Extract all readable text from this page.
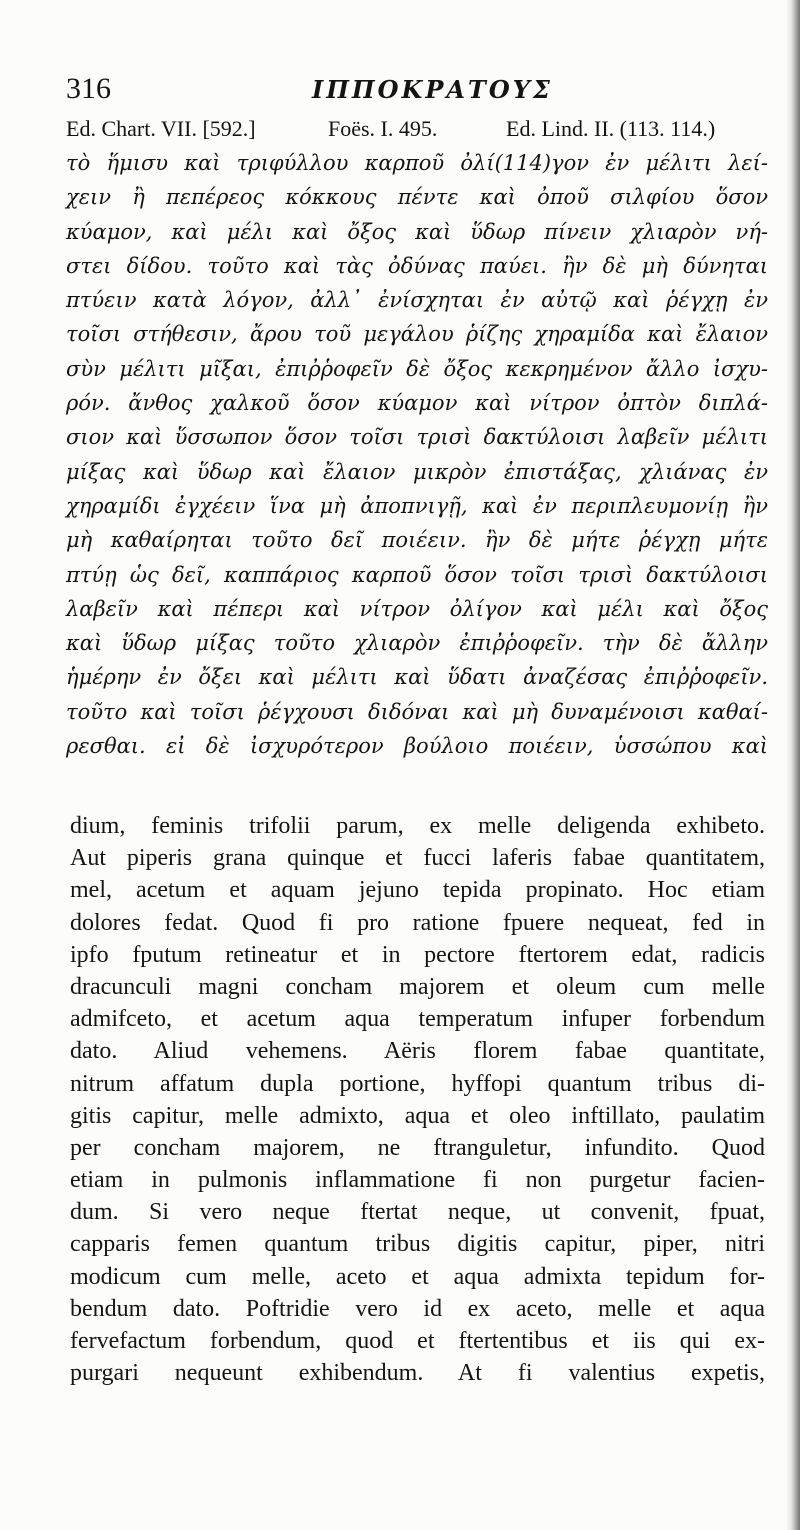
316	ΙΠΠΟΚΡΑΤΟΥΣ
Ed. Chart. VII. [592.]	Foës. I. 495.	Ed. Lind. II. (113. 114.)
τὸ ἥμισυ καὶ τριφύλλου καρποῦ ὀλί(114)γον ἐν μέλιτι λεί-
χειν ἢ πεπέρεος κόκκους πέντε καὶ ὀποῦ σιλφίου ὅσον
κύαμον, καὶ μέλι καὶ ὄξος καὶ ὕδωρ πίνειν χλιαρὸν νή-
στει δίδου. τοῦτο καὶ τὰς ὀδύνας παύει. ἢν δὲ μὴ δύνηται
πτύειν κατὰ λόγον, ἀλλ᾽ ἐνίσχηται ἐν αὐτῷ καὶ ῥέγχῃ ἐν
τοῖσι στήθεσιν, ἄρου τοῦ μεγάλου ῥίζης χηραμίδα καὶ ἔλαιον
σὺν μέλιτι μῖξαι, ἐπιῤῥοφεῖν δὲ ὄξος κεκρημένον ἄλλο ἰσχυ-
ρόν. ἄνθος χαλκοῦ ὅσον κύαμον καὶ νίτρον ὀπτὸν διπλά-
σιον καὶ ὕσσωπον ὅσον τοῖσι τρισὶ δακτύλοισι λαβεῖν μέλιτι
μίξας καὶ ὕδωρ καὶ ἔλαιον μικρὸν ἐπιστάξας, χλιάνας ἐν
χηραμίδι ἐγχέειν ἵνα μὴ ἀποπνιγῇ, καὶ ἐν περιπλευμονίῃ ἢν
μὴ καθαίρηται τοῦτο δεῖ ποιέειν. ἢν δὲ μήτε ῥέγχῃ μήτε
πτύῃ ὡς δεῖ, καππάριος καρποῦ ὅσον τοῖσι τρισὶ δακτύλοισι
λαβεῖν καὶ πέπερι καὶ νίτρον ὀλίγον καὶ μέλι καὶ ὄξος
καὶ ὕδωρ μίξας τοῦτο χλιαρὸν ἐπιῤῥοφεῖν. τὴν δὲ ἄλλην
ἡμέρην ἐν ὄξει καὶ μέλιτι καὶ ὕδατι ἀναζέσας ἐπιῤῥοφεῖν.
τοῦτο καὶ τοῖσι ῥέγχουσι διδόναι καὶ μὴ δυναμένοισι καθαί-
ρεσθαι. εἰ δὲ ἰσχυρότερον βούλοιο ποιέειν, ὑσσώπου καὶ
dium, feminis trifolii parum, ex melle deligenda exhibeto.
Aut piperis grana quinque et fucci laferis fabae quantitatem,
mel, acetum et aquam jejuno tepida propinato. Hoc etiam
dolores fedat. Quod fi pro ratione fpuere nequeat, fed in
ipfo fputum retineatur et in pectore ftertorem edat, radicis
dracunculi magni concham majorem et oleum cum melle
admifceto, et acetum aqua temperatum infuper forbendum
dato. Aliud vehemens. Aëris florem fabae quantitate,
nitrum affatum dupla portione, hyffopi quantum tribus di-
gitis capitur, melle admixto, aqua et oleo inftillato, paulatim
per concham majorem, ne ftranguletur, infundito. Quod
etiam in pulmonis inflammatione fi non purgetur facien-
dum. Si vero neque ftertat neque, ut convenit, fpuat,
capparis femen quantum tribus digitis capitur, piper, nitri
modicum cum melle, aceto et aqua admixta tepidum for-
bendum dato. Poftridie vero id ex aceto, melle et aqua
fervefactum forbendum, quod et ftertentibus et iis qui ex-
purgari nequeunt exhibendum. At fi valentius expetis,
